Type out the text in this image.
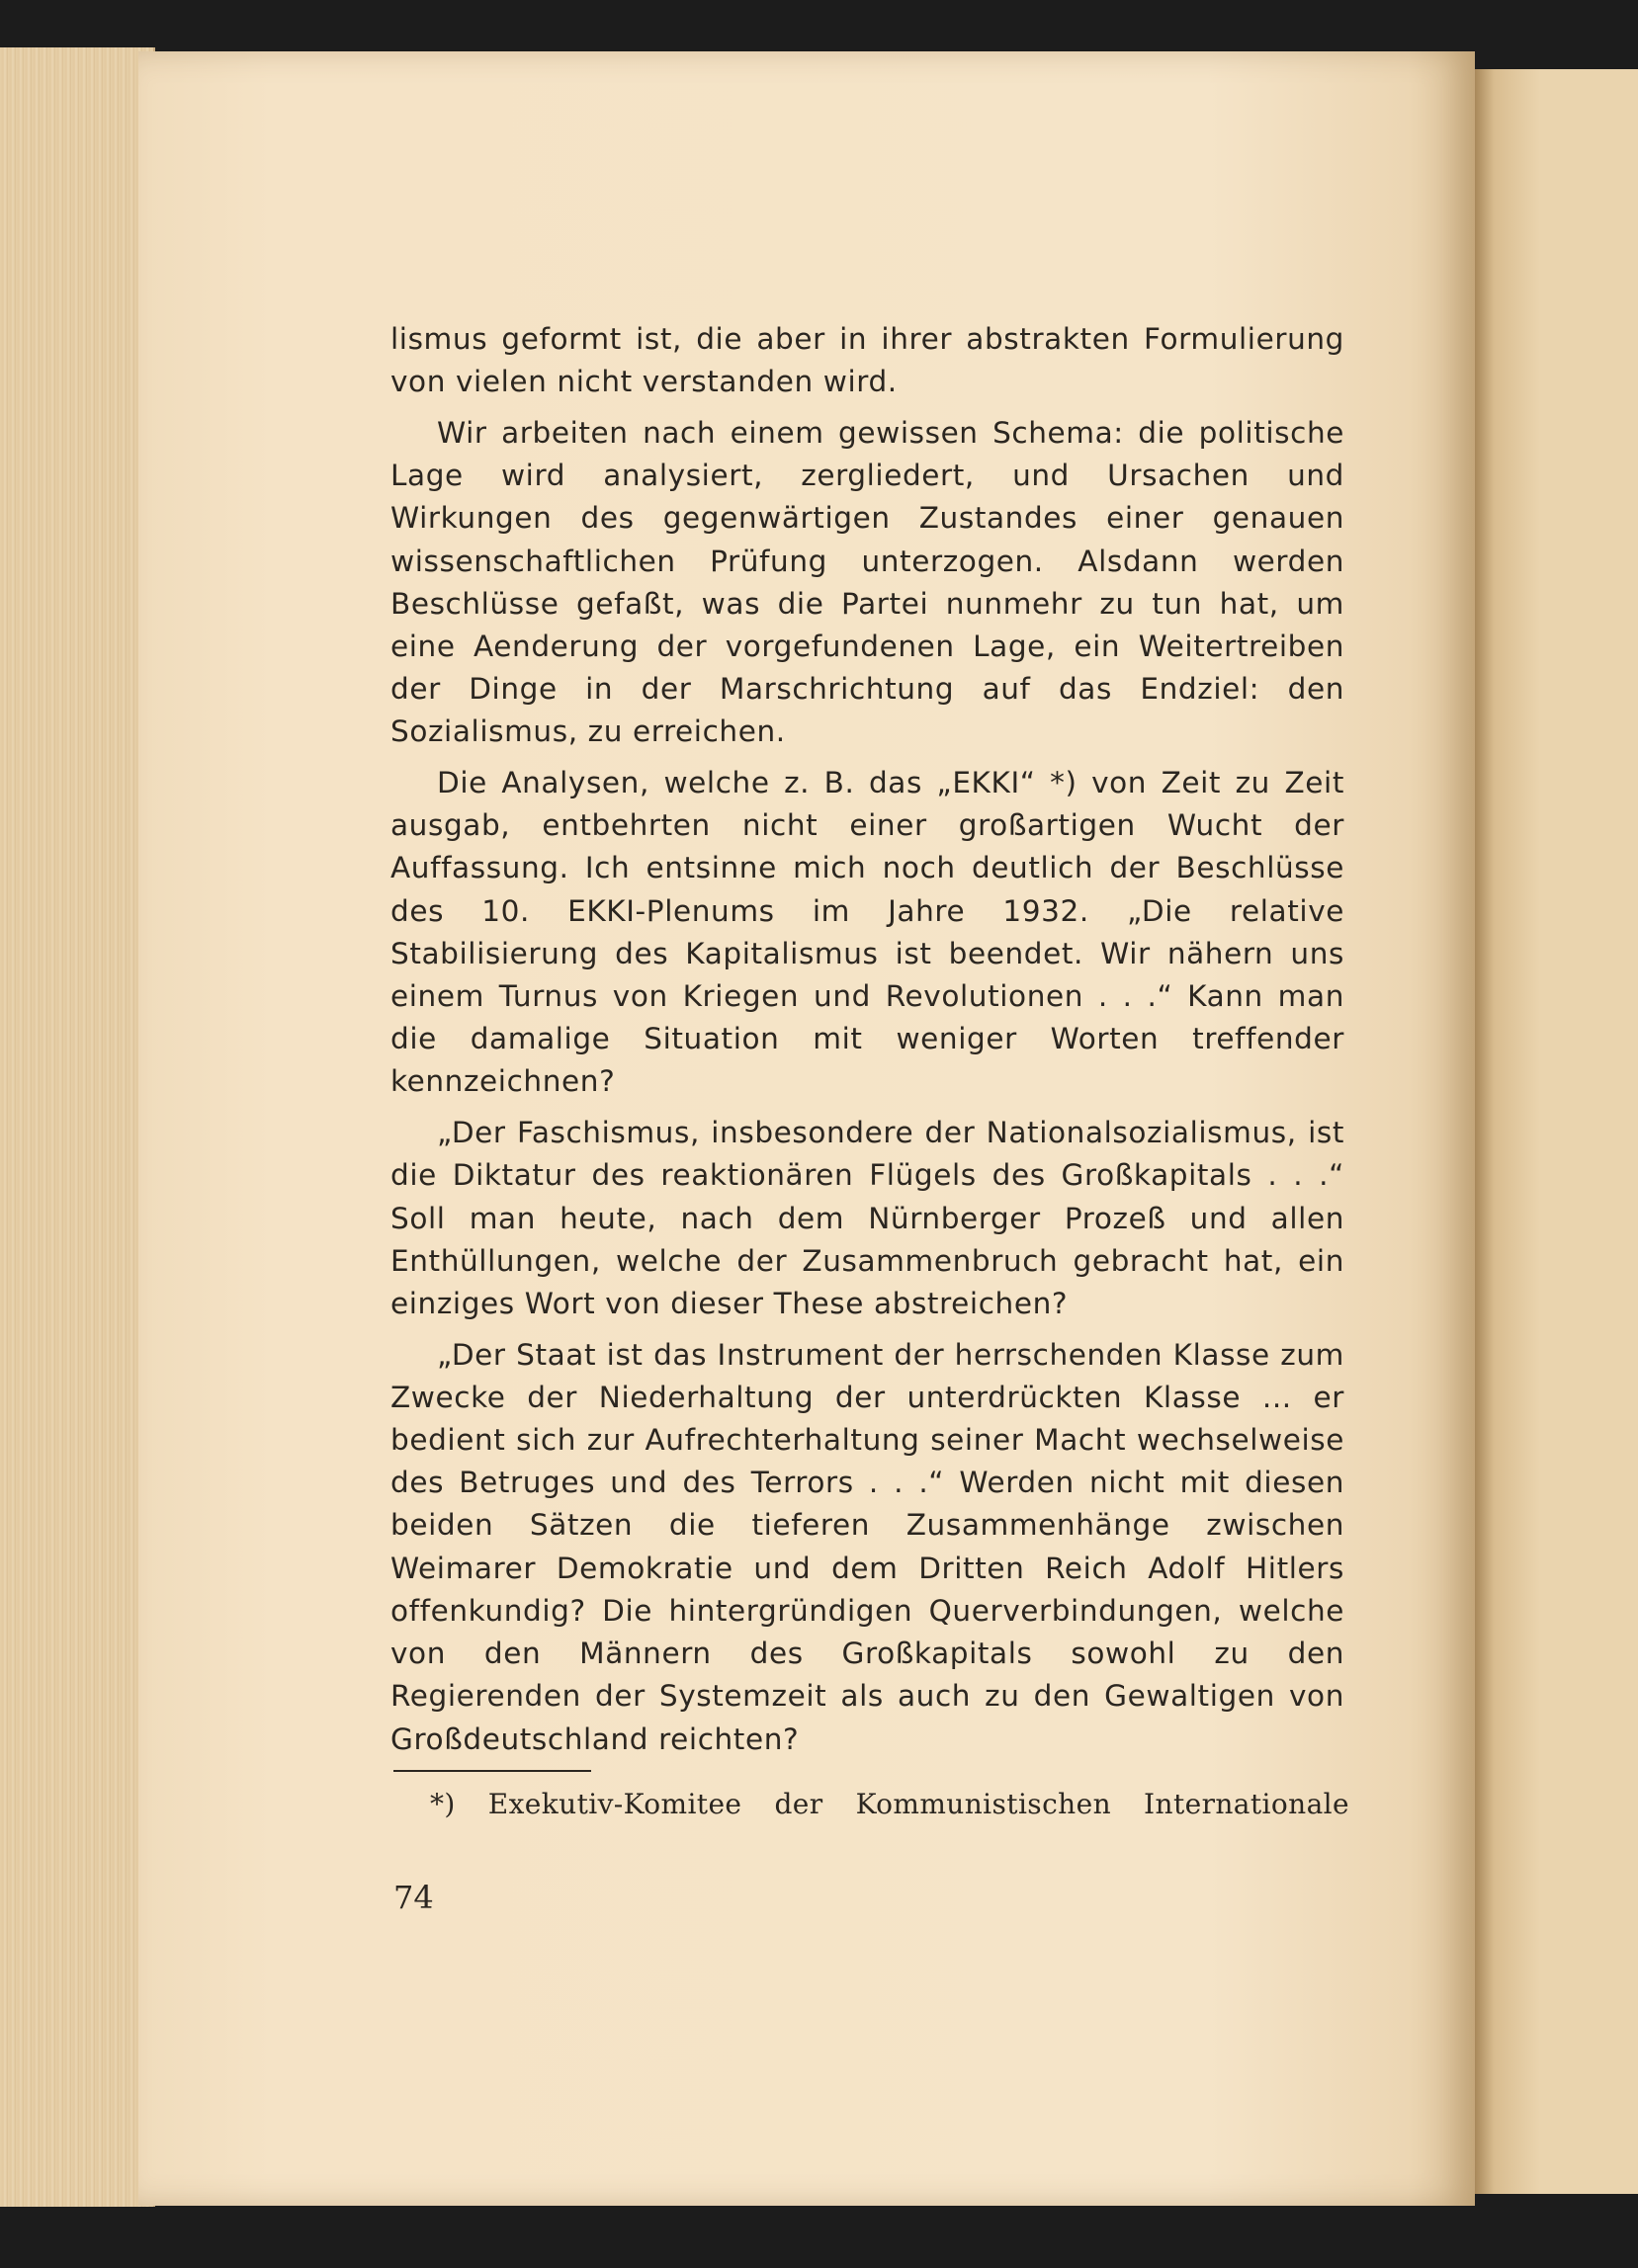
lismus geformt ist, die aber in ihrer abstrakten Formulierung von vielen nicht verstanden wird.

Wir arbeiten nach einem gewissen Schema: die politische Lage wird analysiert, zergliedert, und Ursachen und Wirkungen des gegenwärtigen Zustandes einer genauen wissenschaftlichen Prüfung unterzogen. Alsdann werden Beschlüsse gefaßt, was die Partei nunmehr zu tun hat, um eine Aenderung der vorgefundenen Lage, ein Weitertreiben der Dinge in der Marschrichtung auf das Endziel: den Sozialismus, zu erreichen.

Die Analysen, welche z. B. das „EKKI“ *) von Zeit zu Zeit ausgab, entbehrten nicht einer großartigen Wucht der Auffassung. Ich entsinne mich noch deutlich der Beschlüsse des 10. EKKI-Plenums im Jahre 1932. „Die relative Stabilisierung des Kapitalismus ist beendet. Wir nähern uns einem Turnus von Kriegen und Revolutionen . . .“ Kann man die damalige Situation mit weniger Worten treffender kennzeichnen?

„Der Faschismus, insbesondere der Nationalsozialismus, ist die Diktatur des reaktionären Flügels des Großkapitals . . .“ Soll man heute, nach dem Nürnberger Prozeß und allen Enthüllungen, welche der Zusammenbruch gebracht hat, ein einziges Wort von dieser These abstreichen?

„Der Staat ist das Instrument der herrschenden Klasse zum Zwecke der Niederhaltung der unterdrückten Klasse ... er bedient sich zur Aufrechterhaltung seiner Macht wechselweise des Betruges und des Terrors . . .“ Werden nicht mit diesen beiden Sätzen die tieferen Zusammenhänge zwischen Weimarer Demokratie und dem Dritten Reich Adolf Hitlers offenkundig? Die hintergründigen Querverbindungen, welche von den Männern des Großkapitals sowohl zu den Regierenden der Systemzeit als auch zu den Gewaltigen von Großdeutschland reichten?

*) Exekutiv-Komitee der Kommunistischen Internationale
74
